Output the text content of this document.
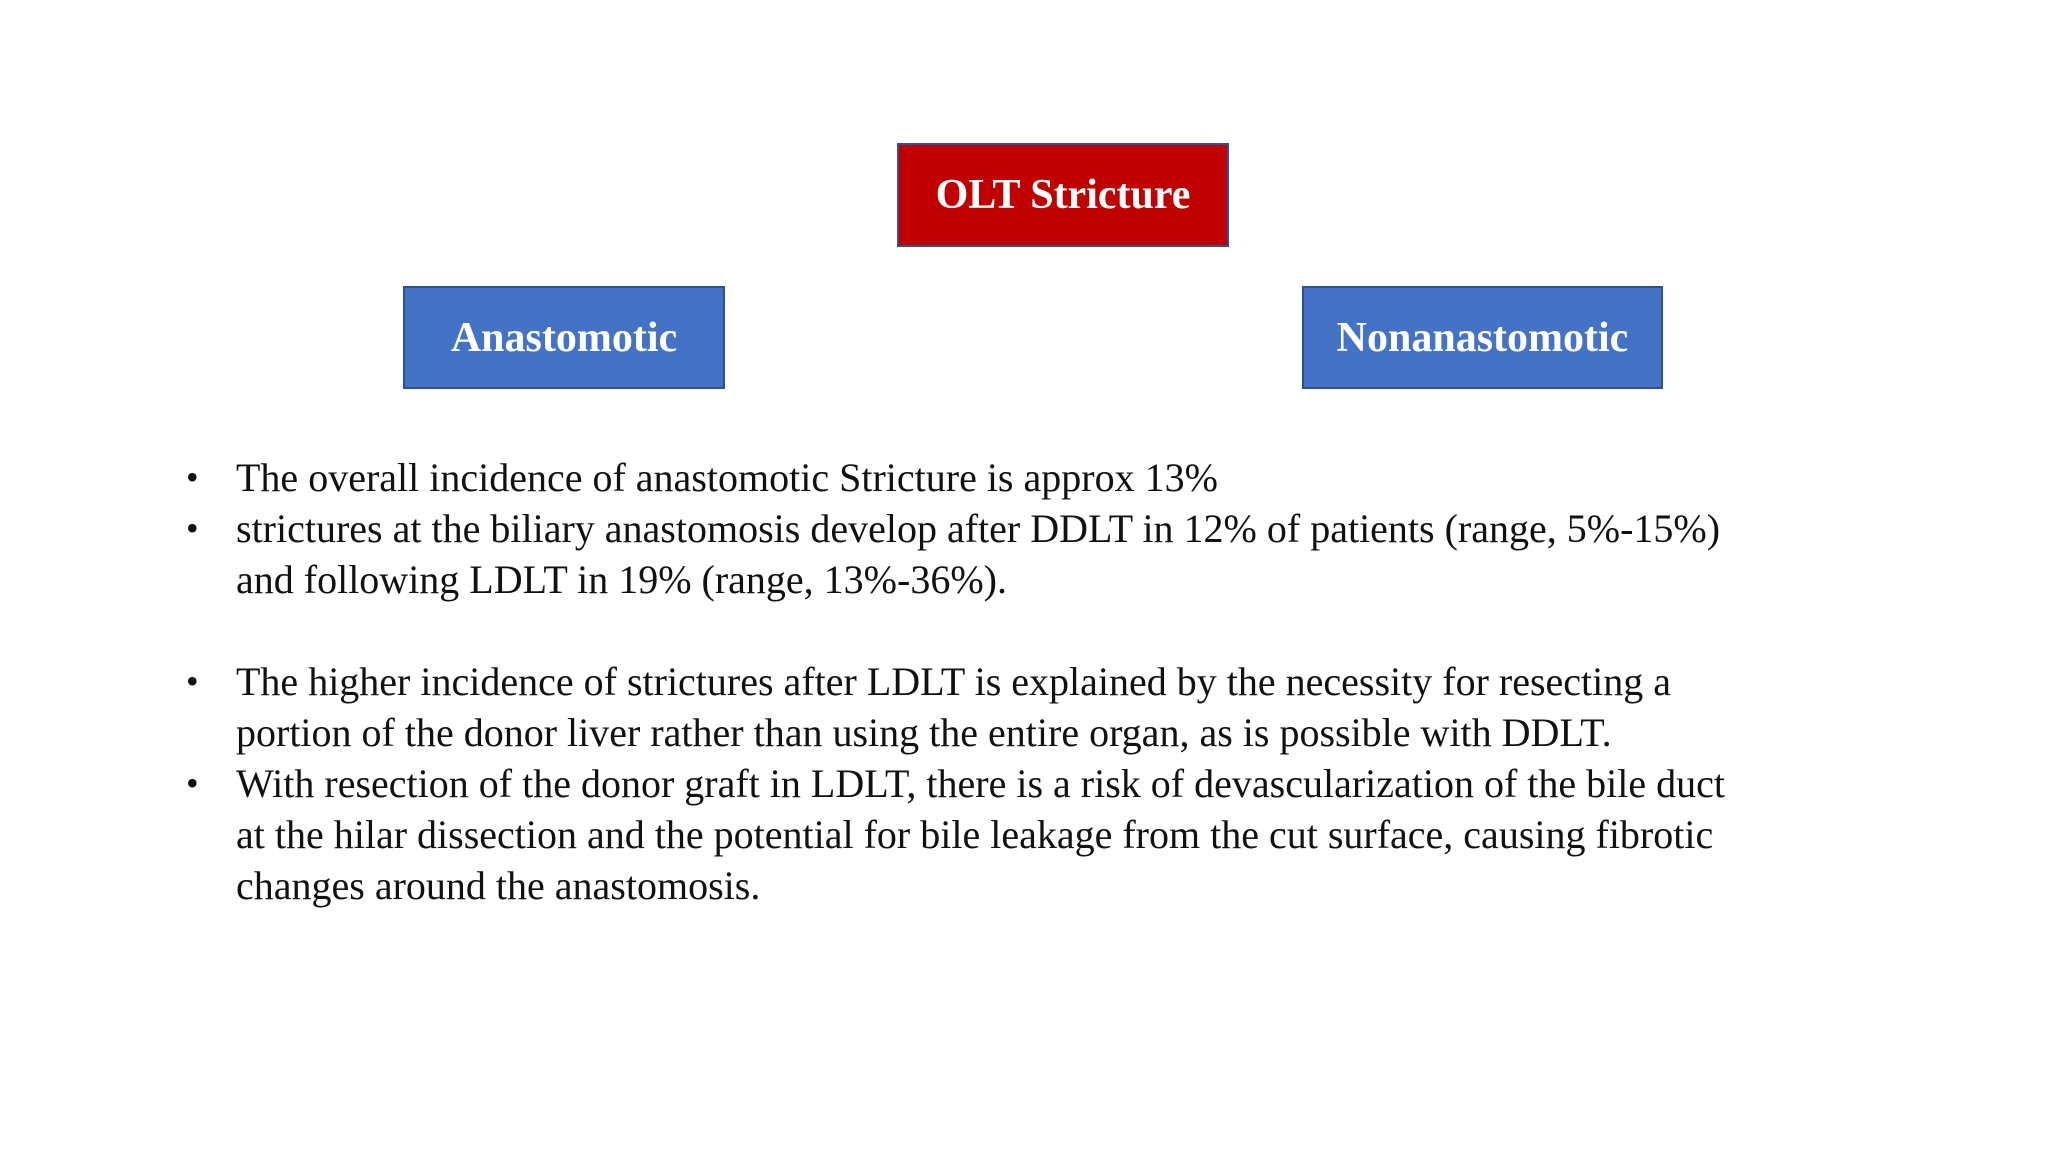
OLT Stricture
Anastomotic	Nonanastomotic
• The overall incidence of anastomotic Stricture is approx 13%
• strictures at the biliary anastomosis develop after DDLT in 12% of patients (range, 5%-15%) and following LDLT in 19% (range, 13%-36%).
• The higher incidence of strictures after LDLT is explained by the necessity for resecting a portion of the donor liver rather than using the entire organ, as is possible with DDLT.
• With resection of the donor graft in LDLT, there is a risk of devascularization of the bile duct at the hilar dissection and the potential for bile leakage from the cut surface, causing fibrotic changes around the anastomosis.
